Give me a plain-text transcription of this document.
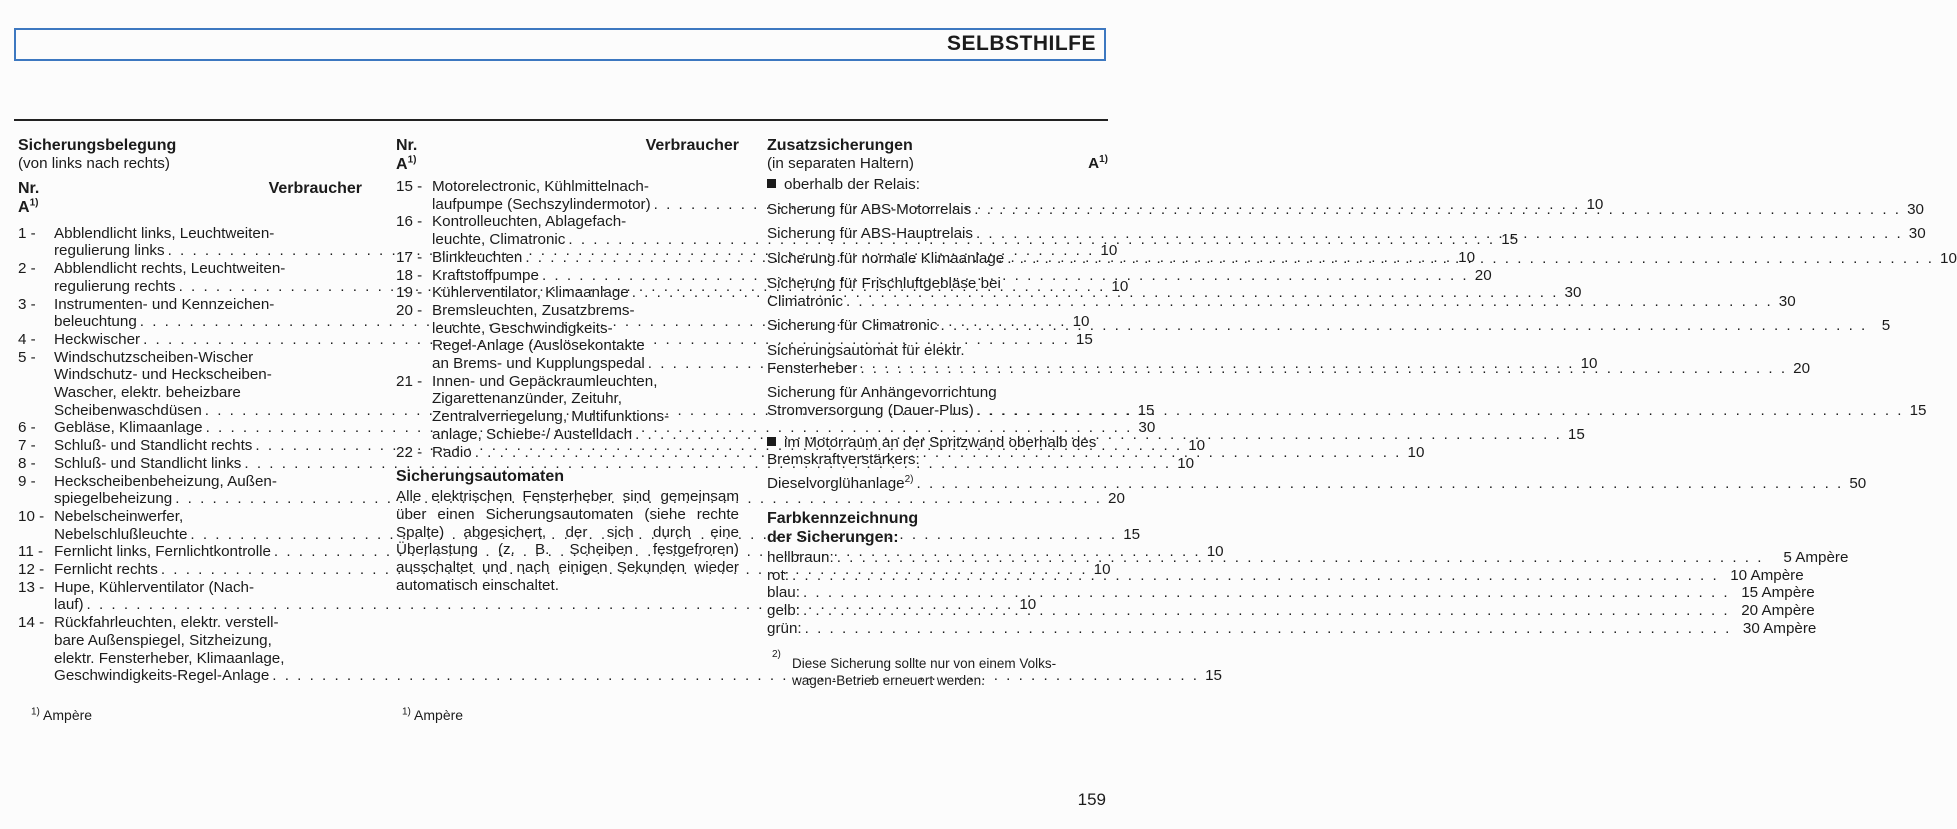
SELBSTHILFE
Sicherungsbelegung
(von links nach rechts)
Nr.	Verbraucher
$A^{1)}$
1 -	Abblendlicht links, Leuchtweiten-
regulierung links . . .	10
2 -	Abblendlicht rechts, Leuchtweiten-
regulierung rechts . . .	10
3 -	Instrumenten- und Kennzeichen-
beleuchtung . . .	10
4 -	Heckwischer . . .	15
5 -	Windschutzscheiben-Wischer
Windschutz- und Heckscheiben-
Wascher, elektr. beheizbare
Scheibenwaschdüsen . . .	15
6 -	Gebläse, Klimaanlage . . .	30
7 -	Schluß- und Standlicht rechts . . .	10
8 -	Schluß- und Standlicht links . . .	10
9 -	Heckscheibenbeheizung, Außen-
spiegelbeheizung . . .	20
10 - Nebelscheinwerfer,
Nebelschlußleuchte . . .	15
11 - Fernlicht links, Fernlichtkontrolle . . .	10
12 - Fernlicht rechts . . .	10
13 - Hupe, Kühlerventilator (Nach-
lauf) . . .	10
14 - Rückfahrleuchten, elektr. verstell-
bare Außenspiegel, Sitzheizung,
elektr. Fensterheber, Klimaanlage,
Geschwindigkeits-Regel-Anlage . . .	15
$^{1)}$ Ampère
Nr.	Verbraucher
$A^{1)}$
15 - Motorelectronic, Kühlmittelnach-
laufpumpe (Sechszylindermotor) . . .	10
16 - Kontrolleuchten, Ablagefach-
leuchte, Climatronic . . .	15
17 - Blinkleuchten . . .	10
18 - Kraftstoffpumpe . . .	20
19 - Kühlerventilator, Klimaanlage . . .	30
20 - Bremsleuchten, Zusatzbrems-
leuchte, Geschwindigkeits-
Regel-Anlage (Auslösekontakte
an Brems- und Kupplungspedal . . .	10
21 - Innen- und Gepäckraumleuchten,
Zigarettenanzünder, Zeituhr,
Zentralverriegelung, Multifunktions-
anlage, Schiebe-/ Austelldach . . .	15
22 - Radio . . .	10
Sicherungsautomaten
Alle elektrischen Fensterheber sind gemeinsam über einen Sicherungsautomaten (siehe rechte Spalte) abgesichert, der sich durch eine Überlastung (z. B. Scheiben festgefroren) ausschaltet und nach einigen Sekunden wieder automatisch einschaltet.
$^{1)}$ Ampère
Zusatzsicherungen
(in separaten Haltern)	$A^{1)}$
oberhalb der Relais:
Sicherung für ABS-Motorrelais . . .	30
Sicherung für ABS-Hauptrelais . . .	30
Sicherung für normale Klimaanlage . . .	10
Sicherung für Frischluftgebläse bei
Climatronic . . .	30
Sicherung für Climatronic . . .	5
Sicherungsautomat für elektr.
Fensterheber . . .	20
Sicherung für Anhängevorrichtung
Stromversorgung (Dauer-Plus) . . .	15
im Motorraum an der Spritzwand oberhalb des Bremskraftverstärkers:
Dieselvorglühanlage$^{2)}$ . . .	50
Farbkennzeichnung
der Sicherungen:
hellbraun: . . .	5 Ampère
rot: . . .	10 Ampère
blau: . . .	15 Ampère
gelb: . . .	20 Ampère
grün: . . .	30 Ampère
2)
Diese Sicherung sollte nur von einem Volks-
wagen-Betrieb erneuert werden.
159
